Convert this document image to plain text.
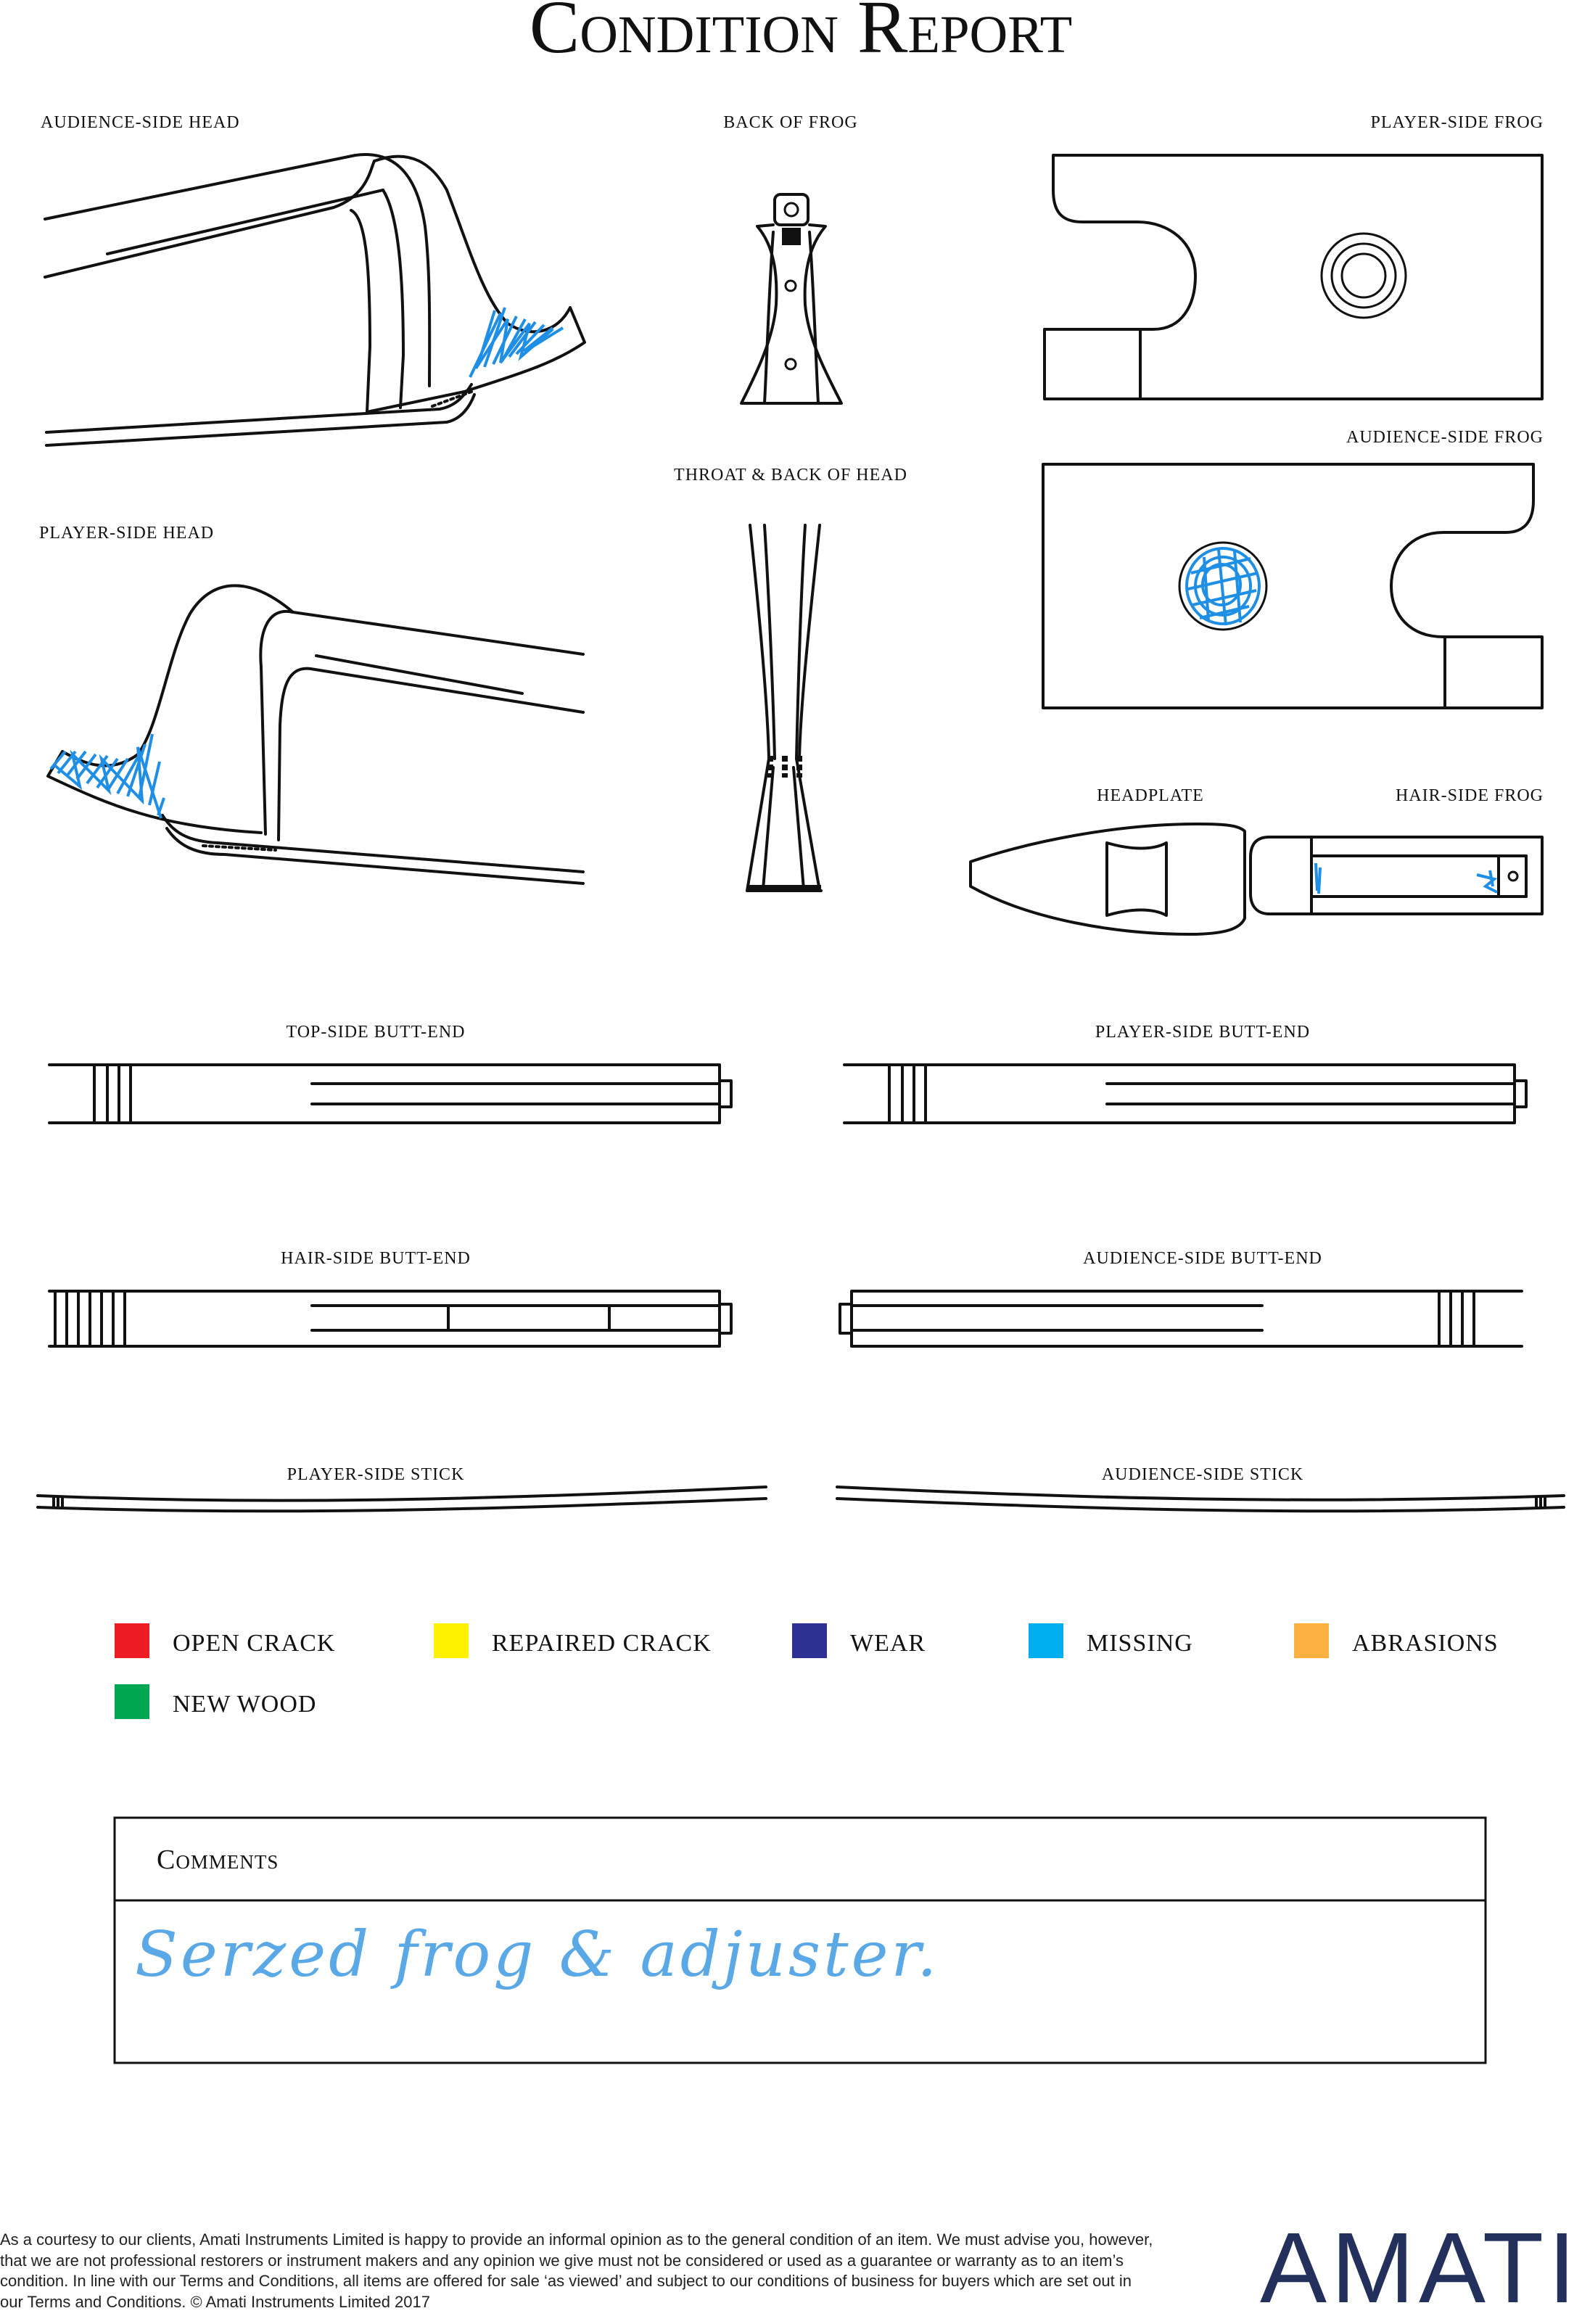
Condition Report
AUDIENCE-SIDE HEAD	BACK OF FROG	PLAYER-SIDE FROG
AUDIENCE-SIDE FROG
THROAT & BACK OF HEAD
PLAYER-SIDE HEAD
HEADPLATE	HAIR-SIDE FROG
TOP-SIDE BUTT-END	PLAYER-SIDE BUTT-END
HAIR-SIDE BUTT-END	AUDIENCE-SIDE BUTT-END
PLAYER-SIDE STICK	AUDIENCE-SIDE STICK
OPEN CRACK	REPAIRED CRACK	WEAR	MISSING	ABRASIONS
NEW WOOD
Comments
Serzed frog & adjuster.
As a courtesy to our clients, Amati Instruments Limited is happy to provide an informal opinion as to the general condition of an item. We must advise you, however, that we are not professional restorers or instrument makers and any opinion we give must not be considered or used as a guarantee or warranty as to an item’s condition. In line with our Terms and Conditions, all items are offered for sale ‘as viewed’ and subject to our conditions of business for buyers which are set out in our Terms and Conditions. © Amati Instruments Limited 2017	AMATI
